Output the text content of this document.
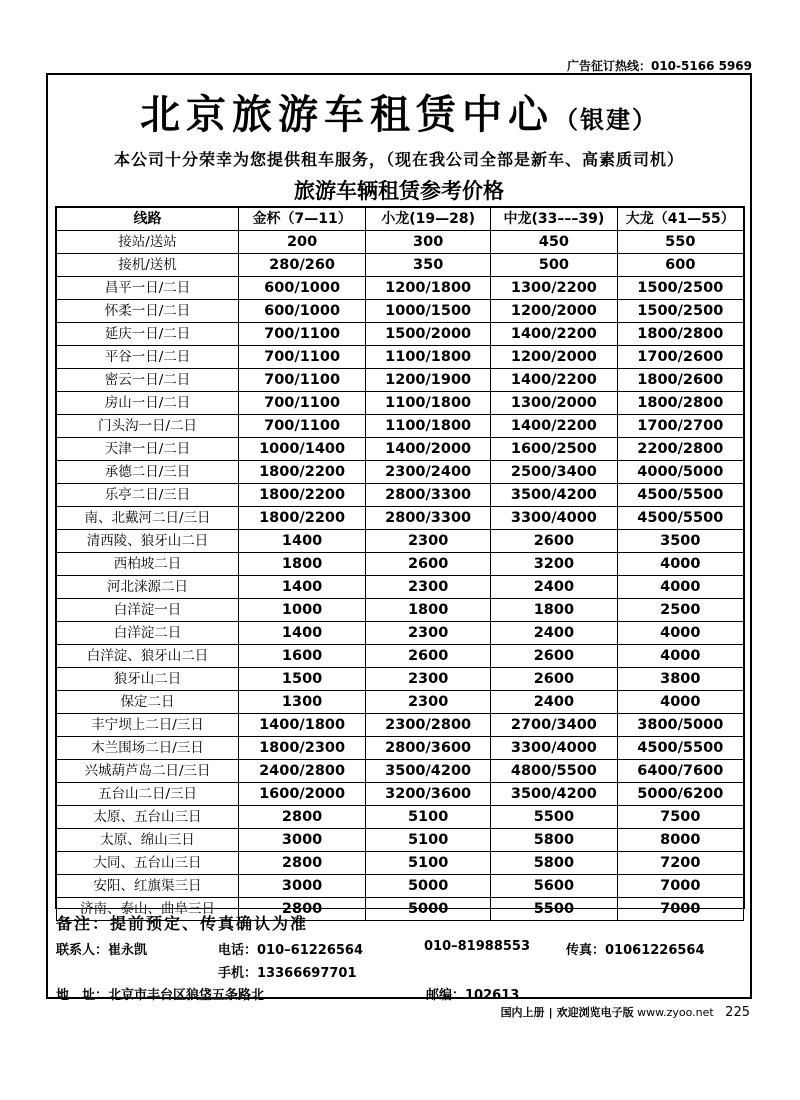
广告征订热线：010-5166 5969
北京旅游车租赁中心（银建）
本公司十分荣幸为您提供租车服务，（现在我公司全部是新车、高素质司机）
旅游车辆租赁参考价格
线路	金杯（7—11）	小龙(19—28)	中龙(33–––39)	大龙（41—55）
接站/送站	200	300	450	550
接机/送机	280/260	350	500	600
昌平一日/二日	600/1000	1200/1800	1300/2200	1500/2500
怀柔一日/二日	600/1000	1000/1500	1200/2000	1500/2500
延庆一日/二日	700/1100	1500/2000	1400/2200	1800/2800
平谷一日/二日	700/1100	1100/1800	1200/2000	1700/2600
密云一日/二日	700/1100	1200/1900	1400/2200	1800/2600
房山一日/二日	700/1100	1100/1800	1300/2000	1800/2800
门头沟一日/二日	700/1100	1100/1800	1400/2200	1700/2700
天津一日/二日	1000/1400	1400/2000	1600/2500	2200/2800
承德二日/三日	1800/2200	2300/2400	2500/3400	4000/5000
乐亭二日/三日	1800/2200	2800/3300	3500/4200	4500/5500
南、北戴河二日/三日	1800/2200	2800/3300	3300/4000	4500/5500
清西陵、狼牙山二日	1400	2300	2600	3500
西柏坡二日	1800	2600	3200	4000
河北涞源二日	1400	2300	2400	4000
白洋淀一日	1000	1800	1800	2500
白洋淀二日	1400	2300	2400	4000
白洋淀、狼牙山二日	1600	2600	2600	4000
狼牙山二日	1500	2300	2600	3800
保定二日	1300	2300	2400	4000
丰宁坝上二日/三日	1400/1800	2300/2800	2700/3400	3800/5000
木兰围场二日/三日	1800/2300	2800/3600	3300/4000	4500/5500
兴城葫芦岛二日/三日	2400/2800	3500/4200	4800/5500	6400/7600
五台山二日/三日	1600/2000	3200/3600	3500/4200	5000/6200
太原、五台山三日	2800	5100	5500	7500
太原、绵山三日	3000	5100	5800	8000
大同、五台山三日	2800	5100	5800	7200
安阳、红旗渠三日	3000	5000	5600	7000
济南、泰山、曲阜三日	2800	5000	5500	7000
备注：提前预定、传真确认为准
联系人：崔永凯	电话：010–61226564	010–81988553	传真：01061226564
手机：13366697701
地　址：北京市丰台区狼垡五条路北	邮编：102613
国内上册 | 欢迎浏览电子版 www.zyoo.net 225
